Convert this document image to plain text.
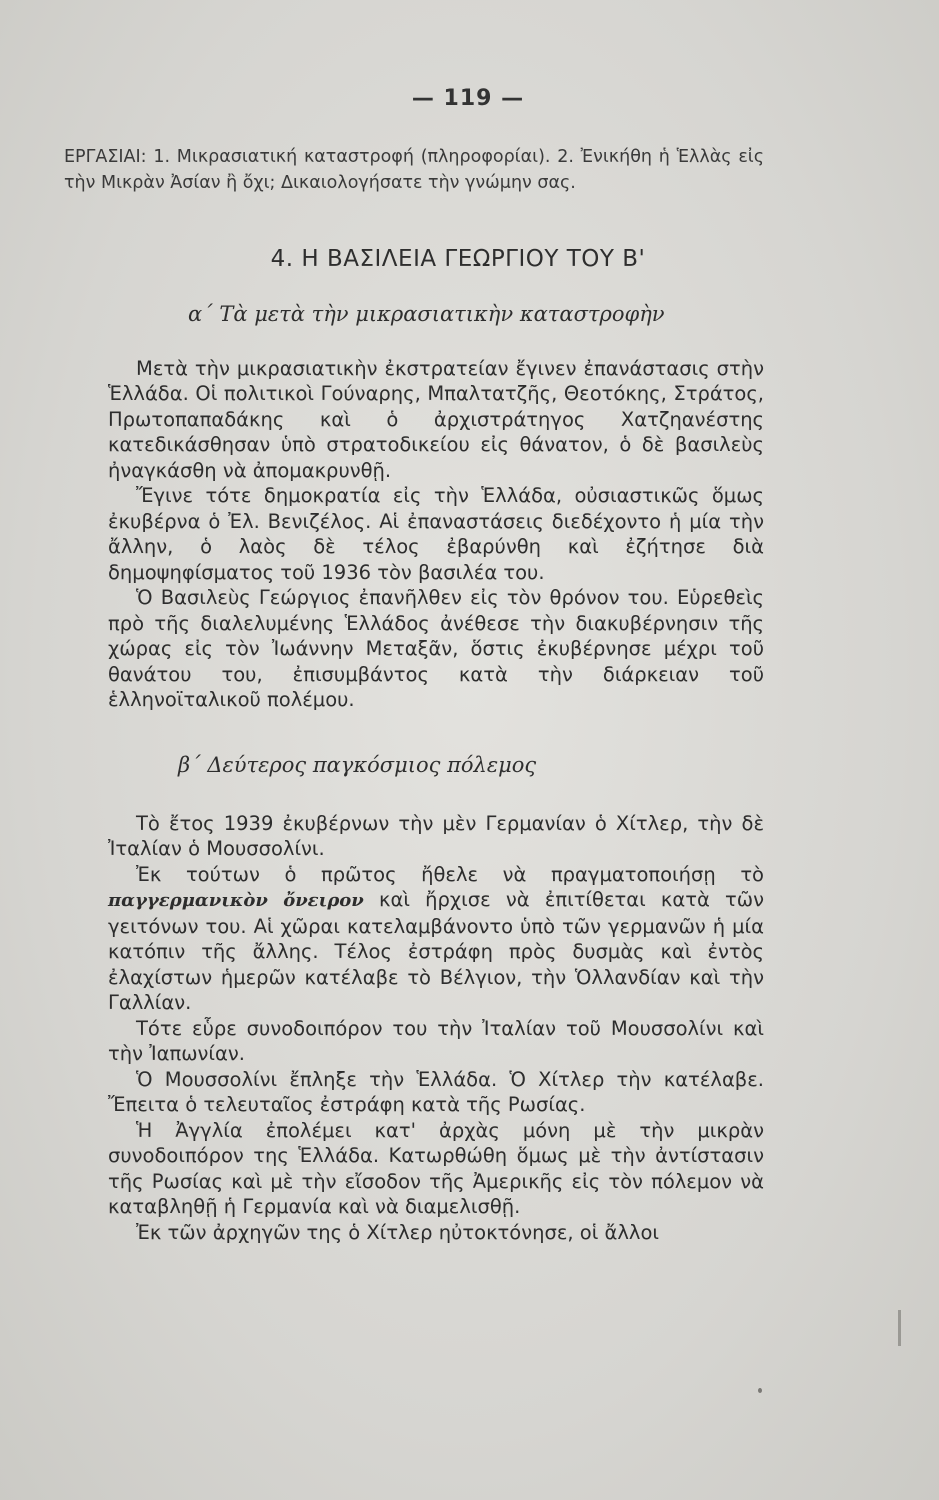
— 119 —

ΕΡΓΑΣΙΑΙ: 1. Μικρασιατική καταστροφή (πληροφορίαι). 2. Ἐνικήθη ἡ Ἑλλὰς εἰς τὴν Μικρὰν Ἀσίαν ἢ ὄχι; Δικαιολογήσατε τὴν γνώμην σας.

4. Η ΒΑΣΙΛΕΙΑ ΓΕΩΡΓΙΟΥ ΤΟΥ Β'
α΄ Τὰ μετὰ τὴν μικρασιατικὴν καταστροφὴν

Μετὰ τὴν μικρασιατικὴν ἐκστρατείαν ἔγινεν ἐπανάστασις στὴν Ἑλλάδα. Οἱ πολιτικοὶ Γούναρης, Μπαλτατζῆς, Θεοτόκης, Στράτος, Πρωτοπαπαδάκης καὶ ὁ ἀρχιστράτηγος Χατζηανέστης κατεδικάσθησαν ὑπὸ στρατοδικείου εἰς θάνατον, ὁ δὲ βασιλεὺς ἠναγκάσθη νὰ ἀπομακρυνθῇ.

Ἔγινε τότε δημοκρατία εἰς τὴν Ἑλλάδα, οὐσιαστικῶς ὅμως ἐκυβέρνα ὁ Ἐλ. Βενιζέλος. Αἱ ἐπαναστάσεις διεδέχοντο ἡ μία τὴν ἄλλην, ὁ λαὸς δὲ τέλος ἐβαρύνθη καὶ ἐζήτησε διὰ δημοψηφίσματος τοῦ 1936 τὸν βασιλέα του.

Ὁ Βασιλεὺς Γεώργιος ἐπανῆλθεν εἰς τὸν θρόνον του. Εὑρεθεὶς πρὸ τῆς διαλελυμένης Ἑλλάδος ἀνέθεσε τὴν διακυβέρνησιν τῆς χώρας εἰς τὸν Ἰωάννην Μεταξᾶν, ὅστις ἐκυβέρνησε μέχρι τοῦ θανάτου του, ἐπισυμβάντος κατὰ τὴν διάρκειαν τοῦ ἑλληνοϊταλικοῦ πολέμου.

β΄ Δεύτερος παγκόσμιος πόλεμος

Τὸ ἔτος 1939 ἐκυβέρνων τὴν μὲν Γερμανίαν ὁ Χίτλερ, τὴν δὲ Ἰταλίαν ὁ Μουσσολίνι.

Ἐκ τούτων ὁ πρῶτος ἤθελε νὰ πραγματοποιήσῃ τὸ παγγερμανικὸν ὄνειρον καὶ ἤρχισε νὰ ἐπιτίθεται κατὰ τῶν γειτόνων του. Αἱ χῶραι κατελαμβάνοντο ὑπὸ τῶν γερμανῶν ἡ μία κατόπιν τῆς ἄλλης. Τέλος ἐστράφη πρὸς δυσμὰς καὶ ἐντὸς ἐλαχίστων ἡμερῶν κατέλαβε τὸ Βέλγιον, τὴν Ὁλλανδίαν καὶ τὴν Γαλλίαν.

Τότε εὗρε συνοδοιπόρον του τὴν Ἰταλίαν τοῦ Μουσσολίνι καὶ τὴν Ἰαπωνίαν.

Ὁ Μουσσολίνι ἔπληξε τὴν Ἑλλάδα. Ὁ Χίτλερ τὴν κατέλαβε. Ἔπειτα ὁ τελευταῖος ἐστράφη κατὰ τῆς Ρωσίας.

Ἡ Ἀγγλία ἐπολέμει κατ' ἀρχὰς μόνη μὲ τὴν μικρὰν συνοδοιπόρον της Ἑλλάδα. Κατωρθώθη ὅμως μὲ τὴν ἀντίστασιν τῆς Ρωσίας καὶ μὲ τὴν εἴσοδον τῆς Ἀμερικῆς εἰς τὸν πόλεμον νὰ καταβληθῇ ἡ Γερμανία καὶ νὰ διαμελισθῇ.

Ἐκ τῶν ἀρχηγῶν της ὁ Χίτλερ ηὐτοκτόνησε, οἱ ἄλλοι
